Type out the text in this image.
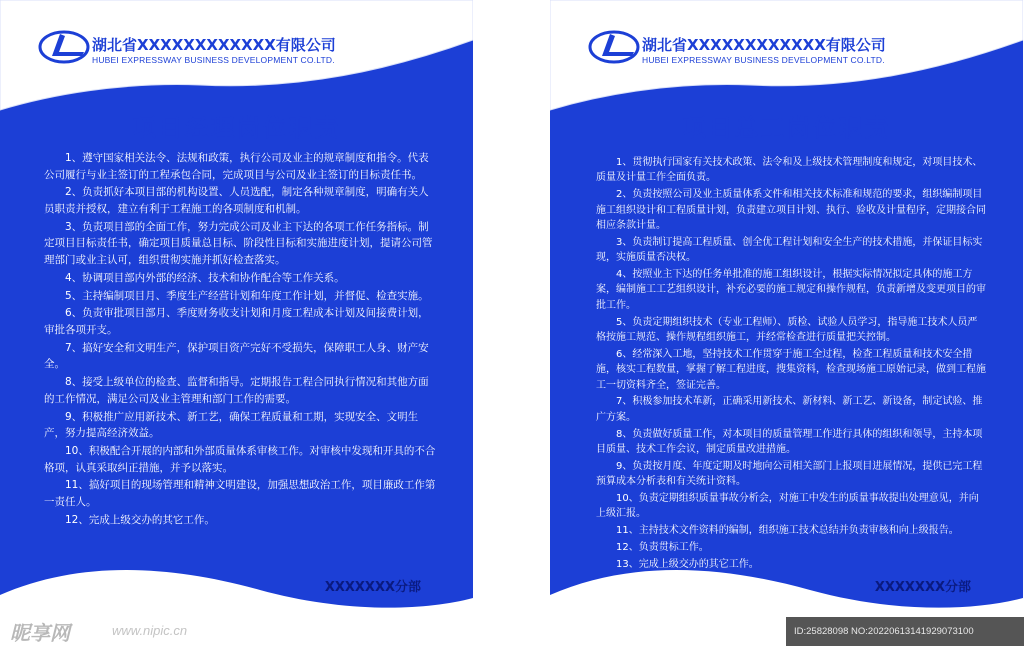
湖北省XXXXXXXXXXXX有限公司
HUBEI EXPRESSWAY BUSINESS DEVELOPMENT CO.LTD.
项目经理岗位职责
1、遵守国家相关法令、法规和政策，执行公司及业主的规章制度和指令。代表公司履行与业主签订的工程承包合同，完成项目与公司及业主签订的目标责任书。
2、负责抓好本项目部的机构设置、人员选配，制定各种规章制度，明确有关人员职责并授权，建立有利于工程施工的各项制度和机制。
3、负责项目部的全面工作，努力完成公司及业主下达的各项工作任务指标。制定项目目标责任书，确定项目质量总目标、阶段性目标和实施进度计划，提请公司管理部门或业主认可，组织贯彻实施并抓好检查落实。
4、协调项目部内外部的经济、技术和协作配合等工作关系。
5、主持编制项目月、季度生产经营计划和年度工作计划，并督促、检查实施。
6、负责审批项目部月、季度财务收支计划和月度工程成本计划及间接费计划，审批各项开支。
7、搞好安全和文明生产，保护项目资产完好不受损失，保障职工人身、财产安全。
8、接受上级单位的检查、监督和指导。定期报告工程合同执行情况和其他方面的工作情况，满足公司及业主管理和部门工作的需要。
9、积极推广应用新技术、新工艺，确保工程质量和工期，实现安全、文明生产，努力提高经济效益。
10、积极配合开展的内部和外部质量体系审核工作。对审核中发现和开具的不合格项，认真采取纠正措施，并予以落实。
11、搞好项目的现场管理和精神文明建设，加强思想政治工作，项目廉政工作第一责任人。
12、完成上级交办的其它工作。
XXXXXXX分部
湖北省XXXXXXXXXXXX有限公司
HUBEI EXPRESSWAY BUSINESS DEVELOPMENT CO.LTD.
项目总工岗位职责
1、贯彻执行国家有关技术政策、法令和及上级技术管理制度和规定，对项目技术、质量及计量工作全面负责。
2、负责按照公司及业主质量体系文件和相关技术标准和规范的要求，组织编制项目施工组织设计和工程质量计划，负责建立项目计划、执行、验收及计量程序，定期接合同相应条款计量。
3、负责制订提高工程质量、创全优工程计划和安全生产的技术措施，并保证目标实现，实施质量否决权。
4、按照业主下达的任务单批准的施工组织设计，根据实际情况拟定具体的施工方案，编制施工工艺组织设计，补充必要的施工规定和操作规程，负责新增及变更项目的审批工作。
5、负责定期组织技术（专业工程师）、质检、试验人员学习，指导施工技术人员严格按施工规范、操作规程组织施工，并经常检查进行质量把关控制。
6、经常深入工地，坚持技术工作贯穿于施工全过程，检查工程质量和技术安全措施，核实工程数量，掌握了解工程进度，搜集资料，检查现场施工原始记录，做到工程施工一切资料齐全，签证完善。
7、积极参加技术革新，正确采用新技术、新材料、新工艺、新设备，制定试验、推广方案。
8、负责做好质量工作，对本项目的质量管理工作进行具体的组织和领导，主持本项目质量、技术工作会议，制定质量改进措施。
9、负责按月度、年度定期及时地向公司相关部门上报项目进展情况，提供已完工程预算成本分析表和有关统计资料。
10、负责定期组织质量事故分析会，对施工中发生的质量事故提出处理意见，并向上级汇报。
11、主持技术文件资料的编制，组织施工技术总结并负责审核和向上级报告。
12、负责贯标工作。
13、完成上级交办的其它工作。
XXXXXXX分部
昵享网	www.nipic.cn	ID:25828098 NO:20220613141929073100
